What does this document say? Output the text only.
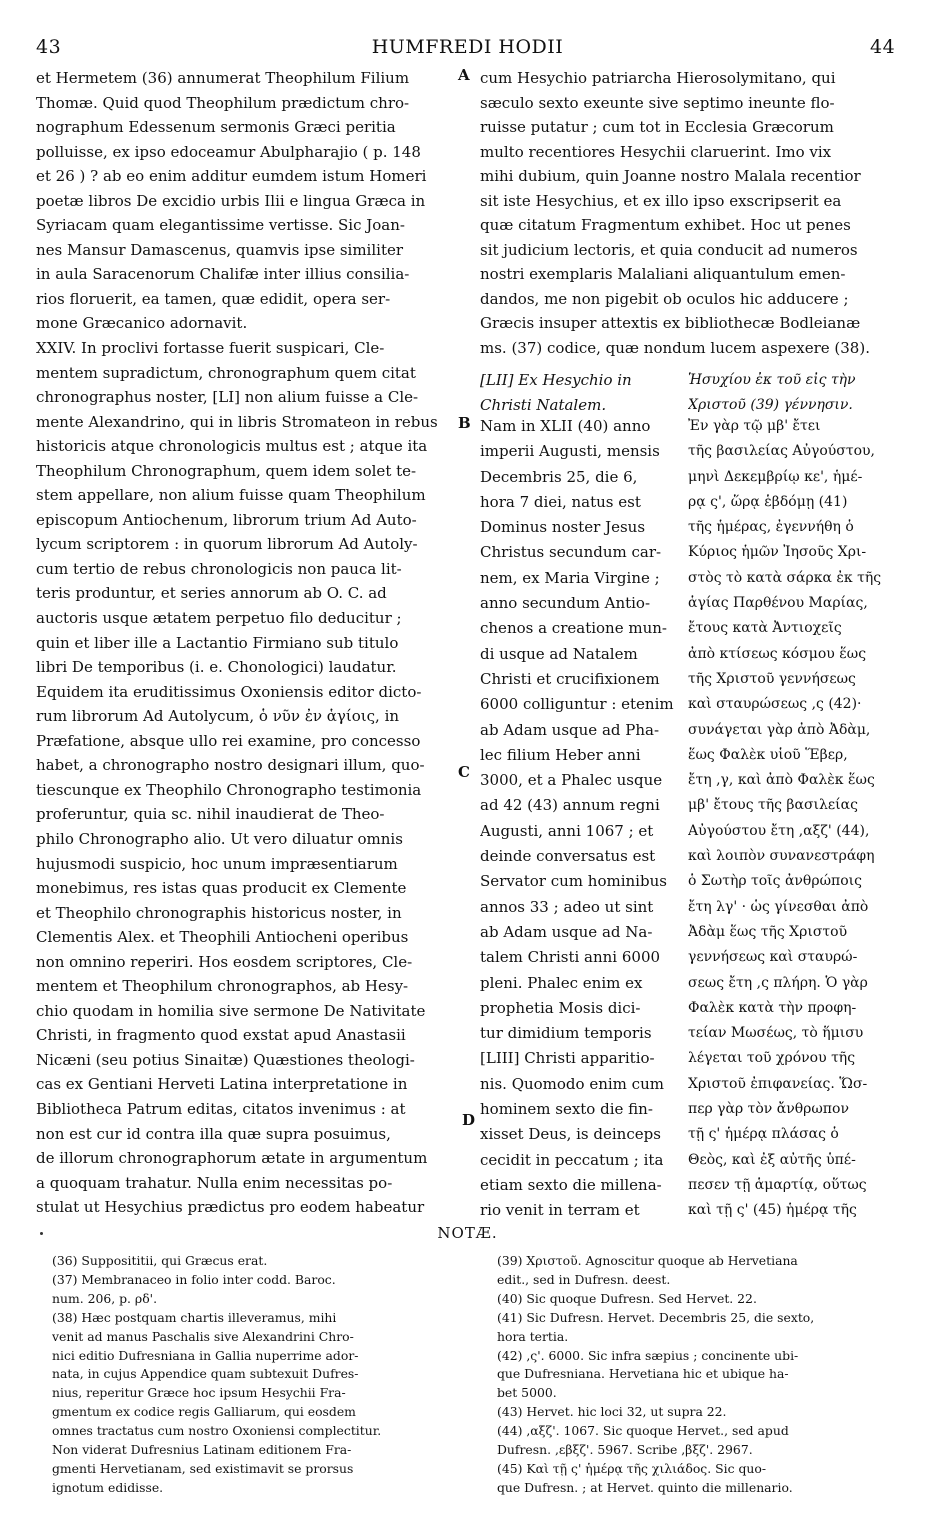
43	HUMFREDI HODII	44
et Hermetem (36) annumerat Theophilum Filium
Thomæ. Quid quod Theophilum prædictum chro-
nographum Edessenum sermonis Græci peritia
polluisse, ex ipso edoceamur Abulpharajio ( p. 148
et 26 ) ? ab eo enim additur eumdem istum Homeri
poetæ libros De excidio urbis Ilii e lingua Græca in
Syriacam quam elegantissime vertisse. Sic Joan-
nes Mansur Damascenus, quamvis ipse similiter
in aula Saracenorum Chalifæ inter illius consilia-
rios floruerit, ea tamen, quæ edidit, opera ser-
mone Græcanico adornavit.
XXIV. In proclivi fortasse fuerit suspicari, Cle-
mentem supradictum, chronographum quem citat
chronographus noster, [LI] non alium fuisse a Cle-
mente Alexandrino, qui in libris Stromateon in rebus
historicis atque chronologicis multus est ; atque ita
Theophilum Chronographum, quem idem solet te-
stem appellare, non alium fuisse quam Theophilum
episcopum Antiochenum, librorum trium Ad Auto-
lycum scriptorem : in quorum librorum Ad Autoly-
cum tertio de rebus chronologicis non pauca lit-
teris produntur, et series annorum ab O. C. ad
auctoris usque ætatem perpetuo filo deducitur ;
quin et liber ille a Lactantio Firmiano sub titulo
libri De temporibus (i. e. Chonologici) laudatur.
Equidem ita eruditissimus Oxoniensis editor dicto-
rum librorum Ad Autolycum, ὁ νῦν ἐν ἁγίοις, in
Præfatione, absque ullo rei examine, pro concesso
habet, a chronographo nostro designari illum, quo-
tiescunque ex Theophilo Chronographo testimonia
proferuntur, quia sc. nihil inaudierat de Theo-
philo Chronographo alio. Ut vero diluatur omnis
hujusmodi suspicio, hoc unum impræsentiarum
monebimus, res istas quas producit ex Clemente
et Theophilo chronographis historicus noster, in
Clementis Alex. et Theophili Antiocheni operibus
non omnino reperiri. Hos eosdem scriptores, Cle-
mentem et Theophilum chronographos, ab Hesy-
chio quodam in homilia sive sermone De Nativitate
Christi, in fragmento quod exstat apud Anastasii
Nicæni (seu potius Sinaitæ) Quæstiones theologi-
cas ex Gentiani Herveti Latina interpretatione in
Bibliotheca Patrum editas, citatos invenimus : at
non est cur id contra illa quæ supra posuimus,
de illorum chronographorum ætate in argumentum
a quoquam trahatur. Nulla enim necessitas po-
stulat ut Hesychius prædictus pro eodem habeatur
cum Hesychio patriarcha Hierosolymitano, qui
sæculo sexto exeunte sive septimo ineunte flo-
ruisse putatur ; cum tot in Ecclesia Græcorum
multo recentiores Hesychii claruerint. Imo vix
mihi dubium, quin Joanne nostro Malala recentior
sit iste Hesychius, et ex illo ipso exscripserit ea
quæ citatum Fragmentum exhibet. Hoc ut penes
sit judicium lectoris, et quia conducit ad numeros
nostri exemplaris Malaliani aliquantulum emen-
dandos, me non pigebit ob oculos hic adducere ;
Græcis insuper attextis ex bibliothecæ Bodleianæ
ms. (37) codice, quæ nondum lucem aspexere (38).
[LII] Ex Hesychio in
Christi Natalem.
Ἡσυχίου ἐκ τοῦ εἰς τὴν
Χριστοῦ (39) γέννησιν.
Nam in XLII (40) anno
imperii Augusti, mensis
Decembris 25, die 6,
hora 7 diei, natus est
Dominus noster Jesus
Christus secundum car-
nem, ex Maria Virgine ;
anno secundum Antio-
chenos a creatione mun-
di usque ad Natalem
Christi et crucifixionem
6000 colliguntur : etenim
ab Adam usque ad Pha-
lec filium Heber anni
3000, et a Phalec usque
ad 42 (43) annum regni
Augusti, anni 1067 ; et
deinde conversatus est
Servator cum hominibus
annos 33 ; adeo ut sint
ab Adam usque ad Na-
talem Christi anni 6000
pleni. Phalec enim ex
prophetia Mosis dici-
tur dimidium temporis
[LIII] Christi apparitio-
nis. Quomodo enim cum
hominem sexto die fin-
xisset Deus, is deinceps
cecidit in peccatum ; ita
etiam sexto die millena-
rio venit in terram et
Ἐν γὰρ τῷ μβ' ἔτει
τῆς βασιλείας Αὐγούστου,
μηνὶ Δεκεμβρίῳ κε', ἡμέ-
ρᾳ ς', ὥρᾳ ἑβδόμῃ (41)
τῆς ἡμέρας, ἐγεννήθη ὁ
Κύριος ἡμῶν Ἰησοῦς Χρι-
στὸς τὸ κατὰ σάρκα ἐκ τῆς
ἁγίας Παρθένου Μαρίας,
ἔτους κατὰ Ἀντιοχεῖς
ἀπὸ κτίσεως κόσμου ἕως
τῆς Χριστοῦ γεννήσεως
καὶ σταυρώσεως ,ς (42)·
συνάγεται γὰρ ἀπὸ Ἀδὰμ,
ἕως Φαλὲκ υἱοῦ Ἕβερ,
ἔτη ,γ, καὶ ἀπὸ Φαλὲκ ἕως
μβ' ἔτους τῆς βασιλείας
Αὐγούστου ἔτη ,αξζ' (44),
καὶ λοιπὸν συνανεστράφη
ὁ Σωτὴρ τοῖς ἀνθρώποις
ἔτη λγ' · ὡς γίνεσθαι ἀπὸ
Ἀδὰμ ἕως τῆς Χριστοῦ
γεννήσεως καὶ σταυρώ-
σεως ἔτη ,ς πλήρη. Ὁ γὰρ
Φαλὲκ κατὰ τὴν προφη-
τείαν Μωσέως, τὸ ἥμισυ
λέγεται τοῦ χρόνου τῆς
Χριστοῦ ἐπιφανείας. Ὥσ-
περ γὰρ τὸν ἄνθρωπον
τῇ ς' ἡμέρᾳ πλάσας ὁ
Θεὸς, καὶ ἐξ αὐτῆς ὑπέ-
πεσεν τῇ ἁμαρτίᾳ, οὕτως
καὶ τῇ ς' (45) ἡμέρᾳ τῆς
A
B
C
D
NOTÆ.
(36) Supposititii, qui Græcus erat.
(37) Membranaceo in folio inter codd. Baroc.
num. 206, p. ρδ'.
(38) Hæc postquam chartis illeveramus, mihi
venit ad manus Paschalis sive Alexandrini Chro-
nici editio Dufresniana in Gallia nuperrime ador-
nata, in cujus Appendice quam subtexuit Dufres-
nius, reperitur Græce hoc ipsum Hesychii Fra-
gmentum ex codice regis Galliarum, qui eosdem
omnes tractatus cum nostro Oxoniensi complectitur.
Non viderat Dufresnius Latinam editionem Fra-
gmenti Hervetianam, sed existimavit se prorsus
ignotum edidisse.
(39) Χριστοῦ. Agnoscitur quoque ab Hervetiana
edit., sed in Dufresn. deest.
(40) Sic quoque Dufresn. Sed Hervet. 22.
(41) Sic Dufresn. Hervet. Decembris 25, die sexto,
hora tertia.
(42) ,ς'. 6000. Sic infra sæpius ; concinente ubi-
que Dufresniana. Hervetiana hic et ubique ha-
bet 5000.
(43) Hervet. hic loci 32, ut supra 22.
(44) ,αξζ'. 1067. Sic quoque Hervet., sed apud
Dufresn. ,εβξζ'. 5967. Scribe ,βξζ'. 2967.
(45) Καὶ τῇ ς' ἡμέρᾳ τῆς χιλιάδος. Sic quo-
que Dufresn. ; at Hervet. quinto die millenario.
